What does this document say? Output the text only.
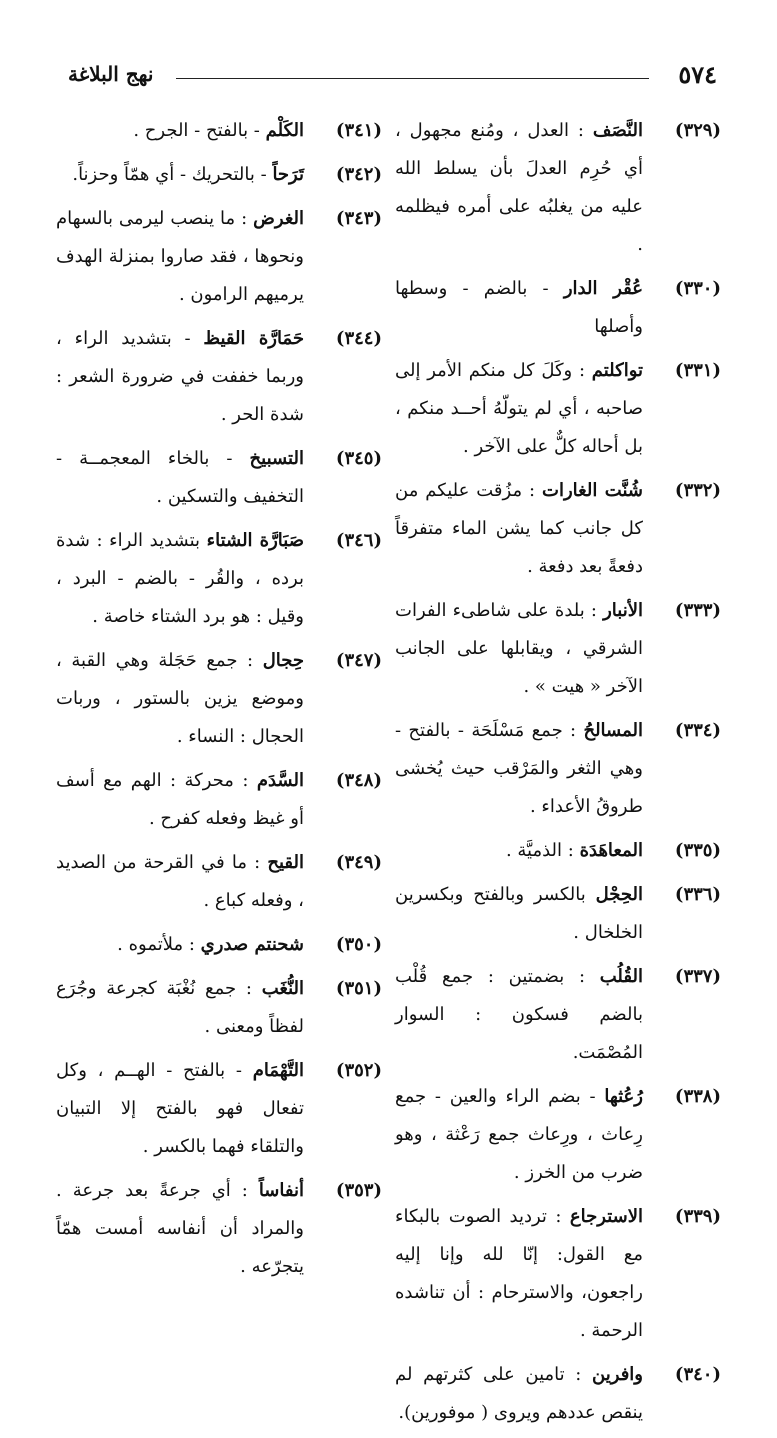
٥٧٤
نهج البلاغة
(٣٢٩)
النَّصَف : العدل ، ومُنع مجهول ، أي حُرِم العدلَ بأن يسلط الله عليه من يغلبُه على أمره فيظلمه .
(٣٣٠)
عُقْر الدار - بالضم - وسطها وأصلها
(٣٣١)
تواكلتم : وكَلَ كل منكم الأمر إلى صاحبه ، أي لم يتولّهُ أحــد منكم ، بل أحاله كلٌّ على الآخر .
(٣٣٢)
شُنَّت الغارات : مزُقت عليكم من كل جانب كما يشن الماء متفرقاً دفعةً بعد دفعة .
(٣٣٣)
الأنبار : بلدة على شاطىء الفرات الشرقي ، ويقابلها على الجانب الآخر « هيت » .
(٣٣٤)
المسالحُ : جمع مَسْلَحَة - بالفتح - وهي الثغر والمَرْقب حيث يُخشى طروقُ الأعداء .
(٣٣٥)
المعاهَدَة : الذميَّة .
(٣٣٦)
الحِجْل بالكسر وبالفتح وبكسرين الخلخال .
(٣٣٧)
القُلُب : بضمتين : جمع قُلْب بالضم فسكون : السوار المُصْمَت.
(٣٣٨)
رُعُثها - بضم الراء والعين - جمع رِعاث ، ورِعاث جمع رَعْثة ، وهو ضرب من الخرز .
(٣٣٩)
الاسترجاع : ترديد الصوت بالبكاء مع القول: إنّا لله وإنا إليه راجعون، والاسترحام : أن تناشده الرحمة .
(٣٤٠)
وافرين : تامين على كثرتهم لم ينقص عددهم ويروى ( موفورين).
(٣٤١)
الكَلْم - بالفتح - الجرح .
(٣٤٢)
تَرَحاً - بالتحريك - أي همّاً وحزناً.
(٣٤٣)
الغرض : ما ينصب ليرمى بالسهام ونحوها ، فقد صاروا بمنزلة الهدف يرميهم الرامون .
(٣٤٤)
حَمَارَّة القيظ - بتشديد الراء ، وربما خففت في ضرورة الشعر : شدة الحر .
(٣٤٥)
التسبيخ - بالخاء المعجمــة - التخفيف والتسكين .
(٣٤٦)
صَبَارَّة الشتاء بتشديد الراء : شدة برده ، والقُر - بالضم - البرد ، وقيل : هو برد الشتاء خاصة .
(٣٤٧)
حِجال : جمع حَجَلة وهي القبة ، وموضع يزين بالستور ، وربات الحجال : النساء .
(٣٤٨)
السَّدَم : محركة : الهم مع أسف أو غيظ وفعله كفرح .
(٣٤٩)
القيح : ما في القرحة من الصديد ، وفعله كباع .
(٣٥٠)
شحنتم صدري : ملأتموه .
(٣٥١)
النُّغَب : جمع نُغْبَة كجرعة وجُرَع لفظاً ومعنى .
(٣٥٢)
التَّهْمَام - بالفتح - الهــم ، وكل تفعال فهو بالفتح إلا التبيان والتلقاء فهما بالكسر .
(٣٥٣)
أنفاساً : أي جرعةً بعد جرعة . والمراد أن أنفاسه أمست همّاً يتجرّعه .
